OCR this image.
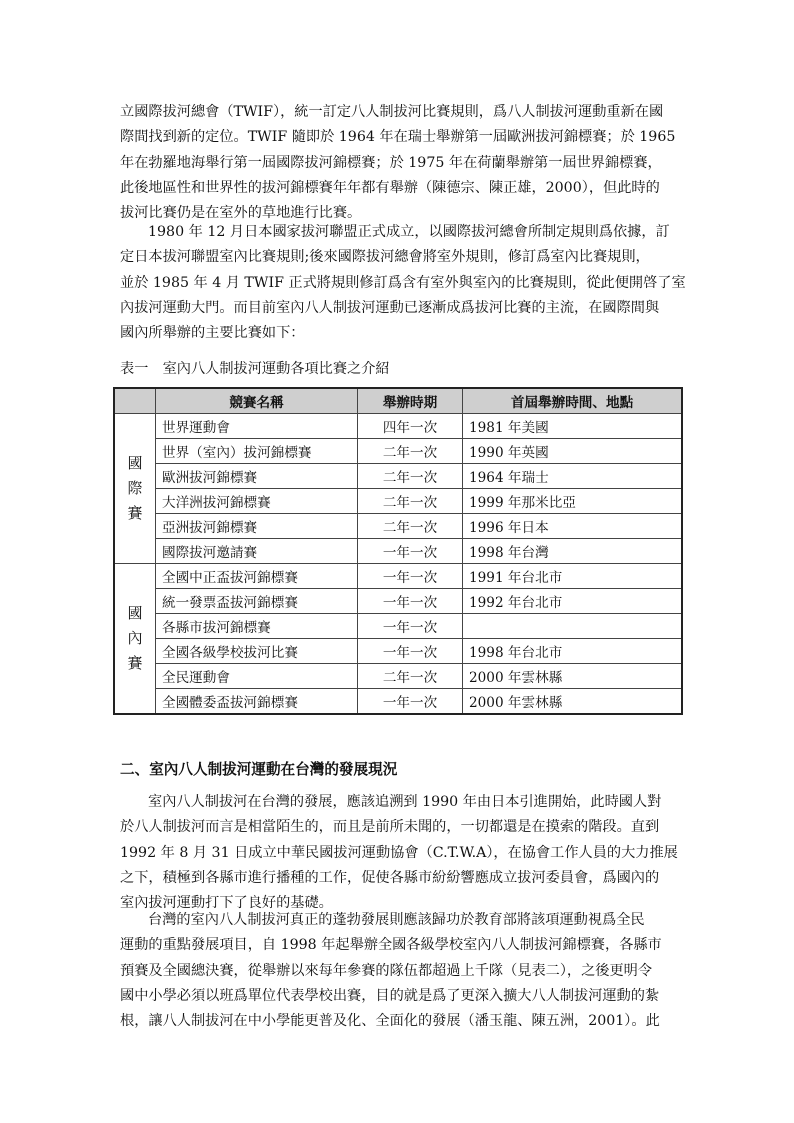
立國際拔河總會（TWIF），統一訂定八人制拔河比賽規則，爲八人制拔河運動重新在國
際間找到新的定位。TWIF 隨即於 1964 年在瑞士舉辦第一屆歐洲拔河錦標賽；於 1965
年在勃羅地海舉行第一屆國際拔河錦標賽；於 1975 年在荷蘭舉辦第一屆世界錦標賽，
此後地區性和世界性的拔河錦標賽年年都有舉辦（陳德宗、陳正雄，2000），但此時的
拔河比賽仍是在室外的草地進行比賽。

1980 年 12 月日本國家拔河聯盟正式成立，以國際拔河總會所制定規則爲依據，訂
定日本拔河聯盟室內比賽規則;後來國際拔河總會將室外規則，修訂爲室內比賽規則，
並於 1985 年 4 月 TWIF 正式將規則修訂爲含有室外與室內的比賽規則，從此便開啓了室
內拔河運動大門。而目前室內八人制拔河運動已逐漸成爲拔河比賽的主流，在國際間與
國內所舉辦的主要比賽如下：

表一　室內八人制拔河運動各項比賽之介紹

	競賽名稱	舉辦時期	首屆舉辦時間、地點

國
際
賽	世界運動會	四年一次	1981 年美國
	世界（室內）拔河錦標賽	二年一次	1990 年英國
	歐洲拔河錦標賽	二年一次	1964 年瑞士
	大洋洲拔河錦標賽	二年一次	1999 年那米比亞
	亞洲拔河錦標賽	二年一次	1996 年日本
	國際拔河邀請賽	一年一次	1998 年台灣

國
內
賽	全國中正盃拔河錦標賽	一年一次	1991 年台北市
	統一發票盃拔河錦標賽	一年一次	1992 年台北市
	各縣市拔河錦標賽	一年一次	
	全國各級學校拔河比賽	一年一次	1998 年台北市
	全民運動會	二年一次	2000 年雲林縣
	全國體委盃拔河錦標賽	一年一次	2000 年雲林縣

二、室內八人制拔河運動在台灣的發展現況

室內八人制拔河在台灣的發展，應該追溯到 1990 年由日本引進開始，此時國人對
於八人制拔河而言是相當陌生的，而且是前所未聞的，一切都還是在摸索的階段。直到
1992 年 8 月 31 日成立中華民國拔河運動協會（C.T.W.A），在協會工作人員的大力推展
之下，積極到各縣市進行播種的工作，促使各縣市紛紛響應成立拔河委員會，爲國內的
室內拔河運動打下了良好的基礎。

台灣的室內八人制拔河真正的蓬勃發展則應該歸功於教育部將該項運動視爲全民
運動的重點發展項目，自 1998 年起舉辦全國各級學校室內八人制拔河錦標賽，各縣市
預賽及全國總決賽，從舉辦以來每年參賽的隊伍都超過上千隊（見表二），之後更明令
國中小學必須以班爲單位代表學校出賽，目的就是爲了更深入擴大八人制拔河運動的紮
根，讓八人制拔河在中小學能更普及化、全面化的發展（潘玉龍、陳五洲，2001）。此
